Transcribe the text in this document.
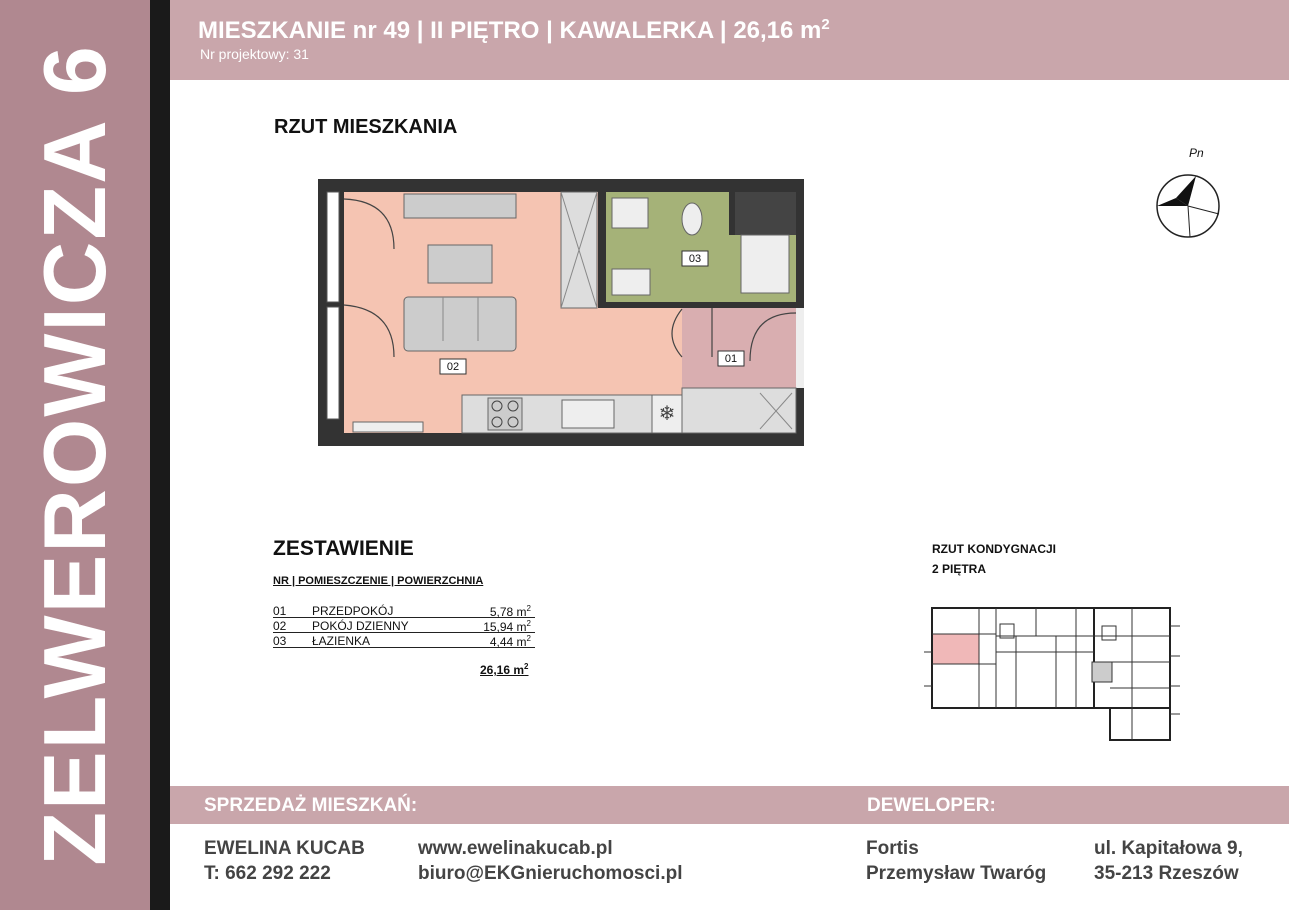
ZELWEROWICZA 6
MIESZKANIE nr 49 | II PIĘTRO | KAWALERKA | 26,16 $m^2$
Nr projektowy: 31
RZUT MIESZKANIA
❄
02
03
01
Pn
ZESTAWIENIE
NR | POMIESZCZENIE | POWIERZCHNIA
01 PRZEDPOKÓJ	5,78 $m^2$
02 POKÓJ DZIENNY	15,94 $m^2$
03 ŁAZIENKA	4,44 $m^2$
26,16 $m^2$
RZUT KONDYGNACJI
2 PIĘTRA
SPRZEDAŻ MIESZKAŃ:	DEWELOPER:
EWELINA KUCAB
T: 662 292 222
www.ewelinakucab.pl
biuro@EKGnieruchomosci.pl
Fortis
Przemysław Twaróg
ul. Kapitałowa 9,
35-213 Rzeszów
